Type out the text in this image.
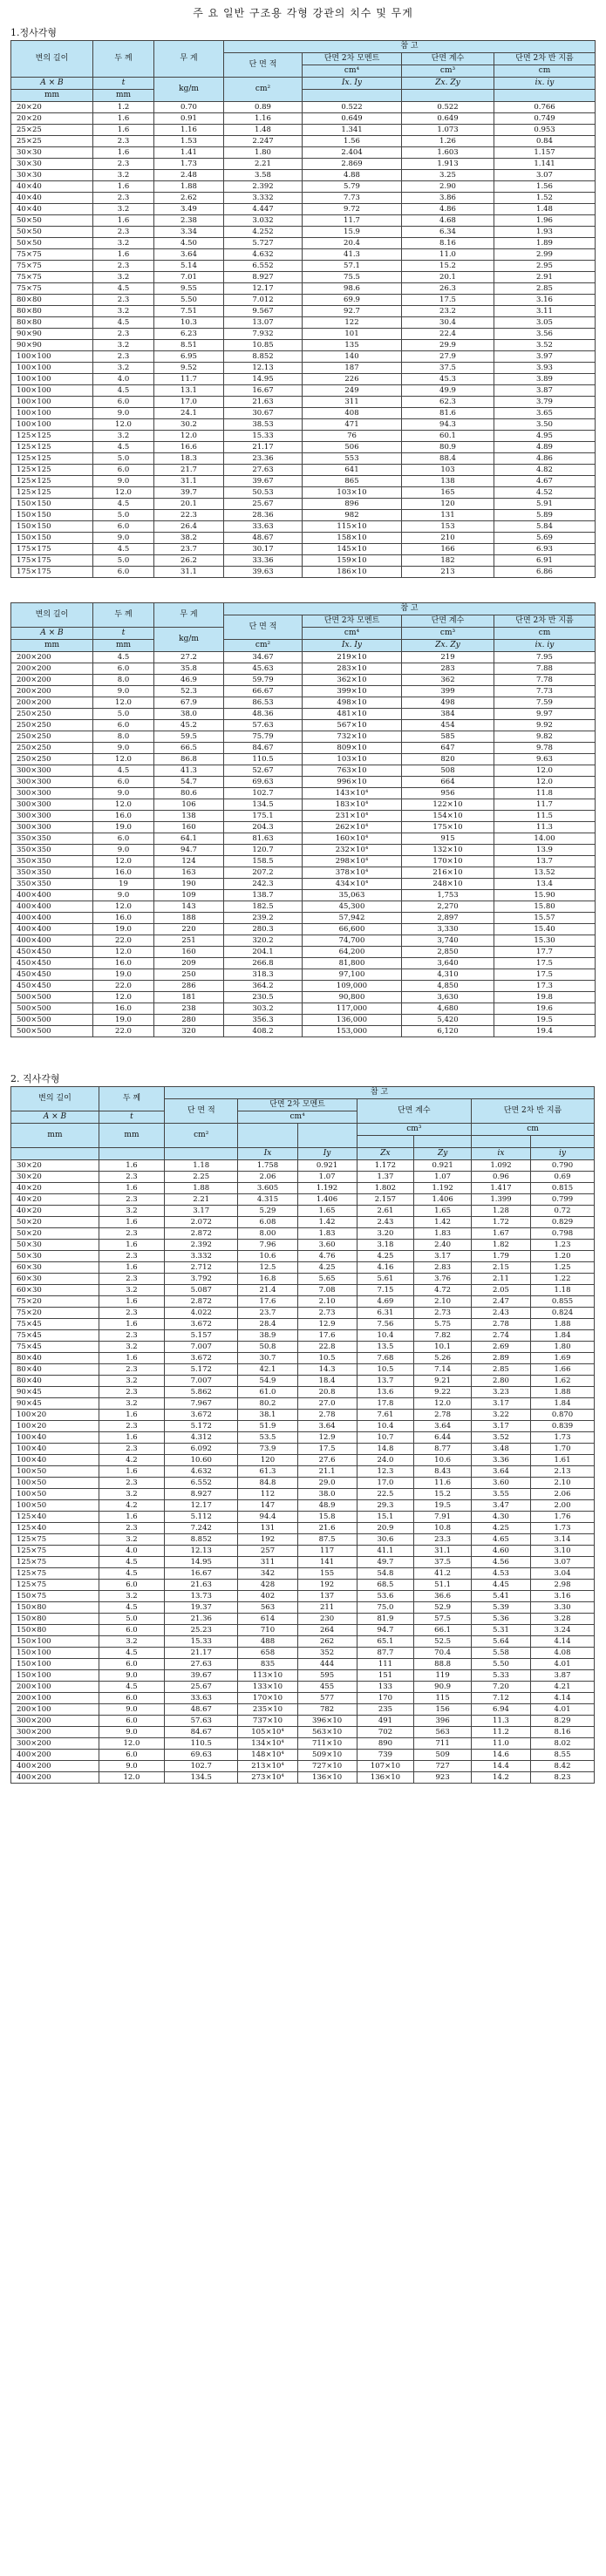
주 요 일반 구조용 각형 강관의 치수 및 무게
1.정사각형
변의 길이	두 께	무 게	참 고			
			단 면 적	단면 2차 모멘트	단면 계수	단면 2차 반 지름
				cm⁴	cm³	cm
A × B	t	kg/m	cm²	Ix. Iy	Zx. Zy	ix. iy
mm	mm					
20×20	1.2	0.70	0.89	0.522	0.522	0.766
20×20	1.6	0.91	1.16	0.649	0.649	0.749
25×25	1.6	1.16	1.48	1.341	1.073	0.953
25×25	2.3	1.53	2.247	1.56	1.26	0.84
30×30	1.6	1.41	1.80	2.404	1.603	1.157
30×30	2.3	1.73	2.21	2.869	1.913	1.141
30×30	3.2	2.48	3.58	4.88	3.25	3.07
40×40	1.6	1.88	2.392	5.79	2.90	1.56
40×40	2.3	2.62	3.332	7.73	3.86	1.52
40×40	3.2	3.49	4.447	9.72	4.86	1.48
50×50	1.6	2.38	3.032	11.7	4.68	1.96
50×50	2.3	3.34	4.252	15.9	6.34	1.93
50×50	3.2	4.50	5.727	20.4	8.16	1.89
75×75	1.6	3.64	4.632	41.3	11.0	2.99
75×75	2.3	5.14	6.552	57.1	15.2	2.95
75×75	3.2	7.01	8.927	75.5	20.1	2.91
75×75	4.5	9.55	12.17	98.6	26.3	2.85
80×80	2.3	5.50	7.012	69.9	17.5	3.16
80×80	3.2	7.51	9.567	92.7	23.2	3.11
80×80	4.5	10.3	13.07	122	30.4	3.05
90×90	2.3	6.23	7.932	101	22.4	3.56
90×90	3.2	8.51	10.85	135	29.9	3.52
100×100	2.3	6.95	8.852	140	27.9	3.97
100×100	3.2	9.52	12.13	187	37.5	3.93
100×100	4.0	11.7	14.95	226	45.3	3.89
100×100	4.5	13.1	16.67	249	49.9	3.87
100×100	6.0	17.0	21.63	311	62.3	3.79
100×100	9.0	24.1	30.67	408	81.6	3.65
100×100	12.0	30.2	38.53	471	94.3	3.50
125×125	3.2	12.0	15.33	76	60.1	4.95
125×125	4.5	16.6	21.17	506	80.9	4.89
125×125	5.0	18.3	23.36	553	88.4	4.86
125×125	6.0	21.7	27.63	641	103	4.82
125×125	9.0	31.1	39.67	865	138	4.67
125×125	12.0	39.7	50.53	103×10	165	4.52
150×150	4.5	20.1	25.67	896	120	5.91
150×150	5.0	22.3	28.36	982	131	5.89
150×150	6.0	26.4	33.63	115×10	153	5.84
150×150	9.0	38.2	48.67	158×10	210	5.69
175×175	4.5	23.7	30.17	145×10	166	6.93
175×175	5.0	26.2	33.36	159×10	182	6.91
175×175	6.0	31.1	39.63	186×10	213	6.86
변의 길이	두 께	무 게	참 고			
			단 면 적	단면 2차 모멘트	단면 계수	단면 2차 반 지름
A × B	t	kg/m		cm⁴	cm³	cm
mm	mm		cm²	Ix. Iy	Zx. Zy	ix. iy
200×200	4.5	27.2	34.67	219×10	219	7.95
200×200	6.0	35.8	45.63	283×10	283	7.88
200×200	8.0	46.9	59.79	362×10	362	7.78
200×200	9.0	52.3	66.67	399×10	399	7.73
200×200	12.0	67.9	86.53	498×10	498	7.59
250×250	5.0	38.0	48.36	481×10	384	9.97
250×250	6.0	45.2	57.63	567×10	454	9.92
250×250	8.0	59.5	75.79	732×10	585	9.82
250×250	9.0	66.5	84.67	809×10	647	9.78
250×250	12.0	86.8	110.5	103×10	820	9.63
300×300	4.5	41.3	52.67	763×10	508	12.0
300×300	6.0	54.7	69.63	996×10	664	12.0
300×300	9.0	80.6	102.7	143×10⁴	956	11.8
300×300	12.0	106	134.5	183×10⁴	122×10	11.7
300×300	16.0	138	175.1	231×10⁴	154×10	11.5
300×300	19.0	160	204.3	262×10⁴	175×10	11.3
350×350	6.0	64.1	81.63	160×10⁴	915	14.00
350×350	9.0	94.7	120.7	232×10⁴	132×10	13.9
350×350	12.0	124	158.5	298×10⁴	170×10	13.7
350×350	16.0	163	207.2	378×10⁴	216×10	13.52
350×350	19	190	242.3	434×10⁴	248×10	13.4
400×400	9.0	109	138.7	35,063	1,753	15.90
400×400	12.0	143	182.5	45,300	2,270	15.80
400×400	16.0	188	239.2	57,942	2,897	15.57
400×400	19.0	220	280.3	66,600	3,330	15.40
400×400	22.0	251	320.2	74,700	3,740	15.30
450×450	12.0	160	204.1	64,200	2,850	17.7
450×450	16.0	209	266.8	81,800	3,640	17.5
450×450	19.0	250	318.3	97,100	4,310	17.5
450×450	22.0	286	364.2	109,000	4,850	17.3
500×500	12.0	181	230.5	90,800	3,630	19.8
500×500	16.0	238	303.2	117,000	4,680	19.6
500×500	19.0	280	356.3	136,000	5,420	19.5
500×500	22.0	320	408.2	153,000	6,120	19.4
2. 직사각형
변의 길이	두 께	참 고						
		단 면 적	단면 2차 모멘트		단면 계수		단면 2차 반 지름	
A × B	t		cm⁴					
mm	mm	cm²			cm³		cm	

			Ix	Iy	Zx	Zy	ix	iy
30×20	1.6	1.18	1.758	0.921	1.172	0.921	1.092	0.790
30×20	2.3	2.25	2.06	1.07	1.37	1.07	0.96	0.69
40×20	1.6	1.88	3.605	1.192	1.802	1.192	1.417	0.815
40×20	2.3	2.21	4.315	1.406	2.157	1.406	1.399	0.799
40×20	3.2	3.17	5.29	1.65	2.61	1.65	1.28	0.72
50×20	1.6	2.072	6.08	1.42	2.43	1.42	1.72	0.829
50×20	2.3	2.872	8.00	1.83	3.20	1.83	1.67	0.798
50×30	1.6	2.392	7.96	3.60	3.18	2.40	1.82	1.23
50×30	2.3	3.332	10.6	4.76	4.25	3.17	1.79	1.20
60×30	1.6	2.712	12.5	4.25	4.16	2.83	2.15	1.25
60×30	2.3	3.792	16.8	5.65	5.61	3.76	2.11	1.22
60×30	3.2	5.087	21.4	7.08	7.15	4.72	2.05	1.18
75×20	1.6	2.872	17.6	2.10	4.69	2.10	2.47	0.855
75×20	2.3	4.022	23.7	2.73	6.31	2.73	2.43	0.824
75×45	1.6	3.672	28.4	12.9	7.56	5.75	2.78	1.88
75×45	2.3	5.157	38.9	17.6	10.4	7.82	2.74	1.84
75×45	3.2	7.007	50.8	22.8	13.5	10.1	2.69	1.80
80×40	1.6	3.672	30.7	10.5	7.68	5.26	2.89	1.69
80×40	2.3	5.172	42.1	14.3	10.5	7.14	2.85	1.66
80×40	3.2	7.007	54.9	18.4	13.7	9.21	2.80	1.62
90×45	2.3	5.862	61.0	20.8	13.6	9.22	3.23	1.88
90×45	3.2	7.967	80.2	27.0	17.8	12.0	3.17	1.84
100×20	1.6	3.672	38.1	2.78	7.61	2.78	3.22	0.870
100×20	2.3	5.172	51.9	3.64	10.4	3.64	3.17	0.839
100×40	1.6	4.312	53.5	12.9	10.7	6.44	3.52	1.73
100×40	2.3	6.092	73.9	17.5	14.8	8.77	3.48	1.70
100×40	4.2	10.60	120	27.6	24.0	10.6	3.36	1.61
100×50	1.6	4.632	61.3	21.1	12.3	8.43	3.64	2.13
100×50	2.3	6.552	84.8	29.0	17.0	11.6	3.60	2.10
100×50	3.2	8.927	112	38.0	22.5	15.2	3.55	2.06
100×50	4.2	12.17	147	48.9	29.3	19.5	3.47	2.00
125×40	1.6	5.112	94.4	15.8	15.1	7.91	4.30	1.76
125×40	2.3	7.242	131	21.6	20.9	10.8	4.25	1.73
125×75	3.2	8.852	192	87.5	30.6	23.3	4.65	3.14
125×75	4.0	12.13	257	117	41.1	31.1	4.60	3.10
125×75	4.5	14.95	311	141	49.7	37.5	4.56	3.07
125×75	4.5	16.67	342	155	54.8	41.2	4.53	3.04
125×75	6.0	21.63	428	192	68.5	51.1	4.45	2.98
150×75	3.2	13.73	402	137	53.6	36.6	5.41	3.16
150×80	4.5	19.37	563	211	75.0	52.9	5.39	3.30
150×80	5.0	21.36	614	230	81.9	57.5	5.36	3.28
150×80	6.0	25.23	710	264	94.7	66.1	5.31	3.24
150×100	3.2	15.33	488	262	65.1	52.5	5.64	4.14
150×100	4.5	21.17	658	352	87.7	70.4	5.58	4.08
150×100	6.0	27.63	835	444	111	88.8	5.50	4.01
150×100	9.0	39.67	113×10	595	151	119	5.33	3.87
200×100	4.5	25.67	133×10	455	133	90.9	7.20	4.21
200×100	6.0	33.63	170×10	577	170	115	7.12	4.14
200×100	9.0	48.67	235×10	782	235	156	6.94	4.01
300×200	6.0	57.63	737×10	396×10	491	396	11.3	8.29
300×200	9.0	84.67	105×10⁴	563×10	702	563	11.2	8.16
300×200	12.0	110.5	134×10⁴	711×10	890	711	11.0	8.02
400×200	6.0	69.63	148×10⁴	509×10	739	509	14.6	8.55
400×200	9.0	102.7	213×10⁴	727×10	107×10	727	14.4	8.42
400×200	12.0	134.5	273×10⁴	136×10	136×10	923	14.2	8.23
